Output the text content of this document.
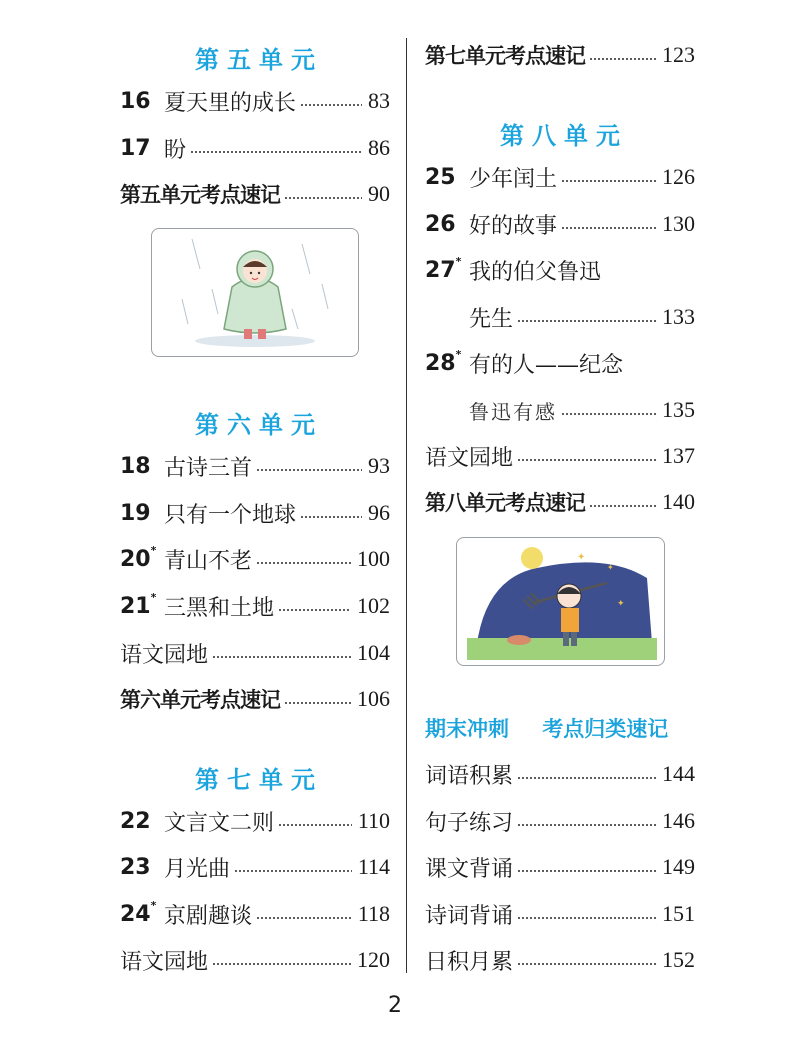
第五单元
16 夏天里的成长	83
17 盼	86
第五单元考点速记	90
第六单元
18 古诗三首	93
19 只有一个地球	96
20 * 青山不老	100
21 * 三黑和土地	102
语文园地	104
第六单元考点速记	106
第七单元
22 文言文二则	110
23 月光曲	114
24 * 京剧趣谈	118
语文园地	120
第七单元考点速记	123
第八单元
25 少年闰土	126
26 好的故事	130
27 * 我的伯父鲁迅
先生	133
28 * 有的人——纪念
鲁迅有感	135
语文园地	137
第八单元考点速记	140
✦
✦
✦
期末冲刺 考点归类速记
词语积累	144
句子练习	146
课文背诵	149
诗词背诵	151
日积月累	152
2
